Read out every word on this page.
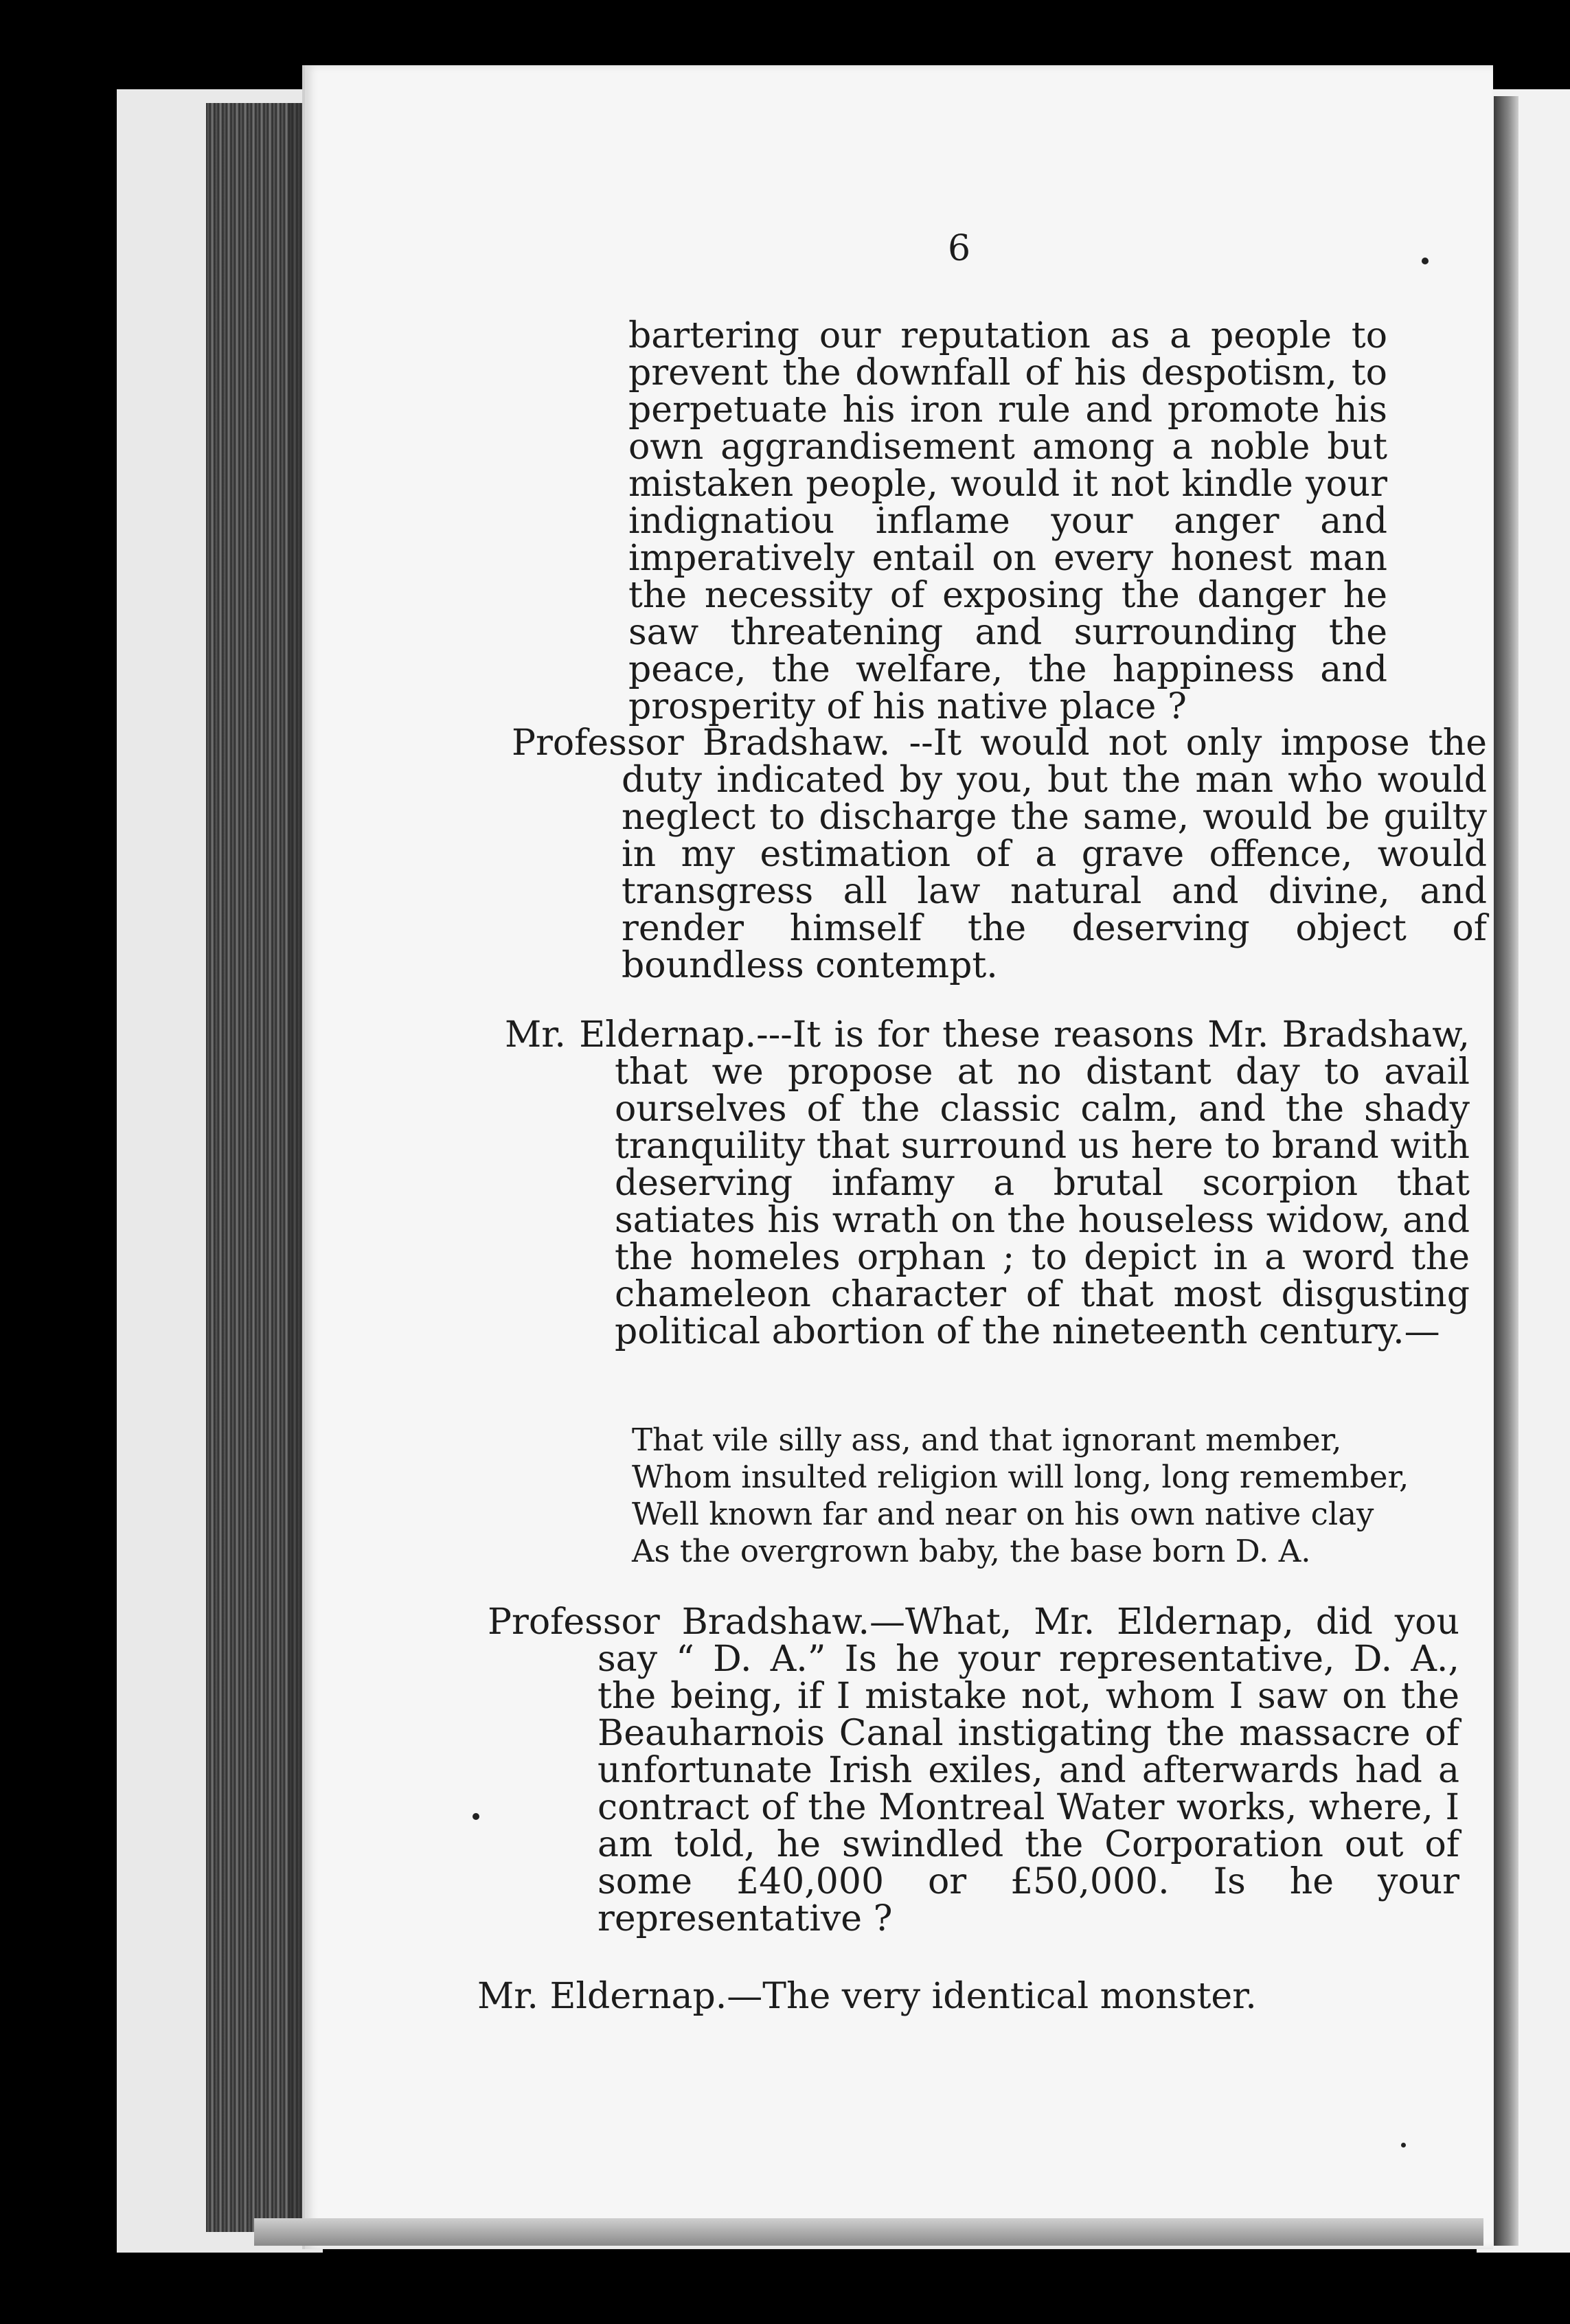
6
bartering our reputation as a people to prevent the downfall of his despotism, to perpetuate his iron rule and promote his own aggrandisement among a noble but mistaken people, would it not kindle your indignatiou inflame your anger and imperatively entail on every honest man the necessity of exposing the danger he saw threatening and surrounding the peace, the welfare, the happiness and prosperity of his native place ?
Professor Bradshaw. --It would not only impose the duty indicated by you, but the man who would neglect to discharge the same, would be guilty in my estimation of a grave offence, would transgress all law natural and divine, and render himself the deserving object of boundless contempt.
Mr. Eldernap.---It is for these reasons Mr. Bradshaw, that we propose at no distant day to avail ourselves of the classic calm, and the shady tranquility that surround us here to brand with deserving infamy a brutal scorpion that satiates his wrath on the houseless widow, and the homeles orphan ; to depict in a word the chameleon character of that most disgusting political abortion of the nineteenth century.—
That vile silly ass, and that ignorant member,
Whom insulted religion will long, long remember,
Well known far and near on his own native clay
As the overgrown baby, the base born D. A.
Professor Bradshaw.—What, Mr. Eldernap, did you say “ D. A.” Is he your representative, D. A., the being, if I mistake not, whom I saw on the Beauharnois Canal instigating the massacre of unfortunate Irish exiles, and afterwards had a contract of the Montreal Water works, where, I am told, he swindled the Corporation out of some £40,000 or £50,000. Is he your representative ?
Mr. Eldernap.—The very identical monster.
